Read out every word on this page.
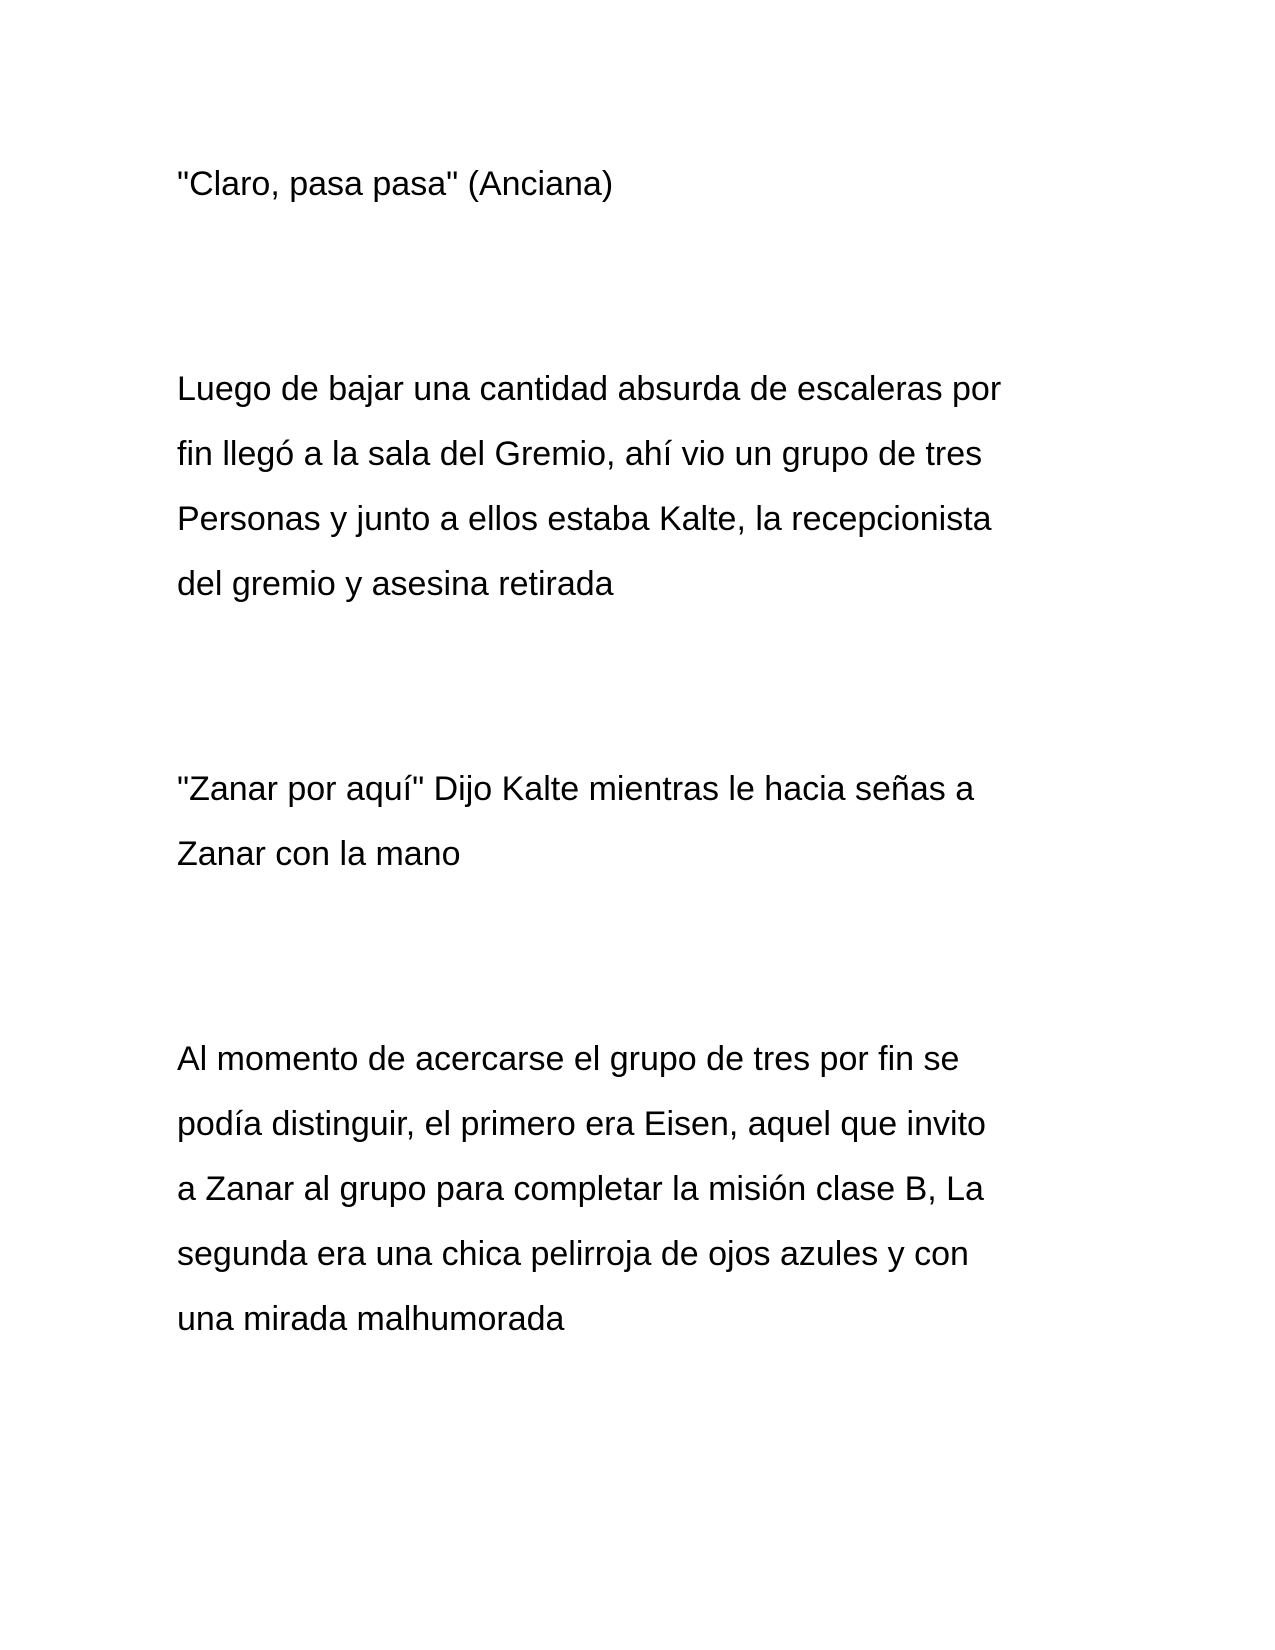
"Claro, pasa pasa" (Anciana)

Luego de bajar una cantidad absurda de escaleras por
fin llegó a la sala del Gremio, ahí vio un grupo de tres
Personas y junto a ellos estaba Kalte, la recepcionista
del gremio y asesina retirada

"Zanar por aquí" Dijo Kalte mientras le hacia señas a
Zanar con la mano

Al momento de acercarse el grupo de tres por fin se
podía distinguir, el primero era Eisen, aquel que invito
a Zanar al grupo para completar la misión clase B, La
segunda era una chica pelirroja de ojos azules y con
una mirada malhumorada
